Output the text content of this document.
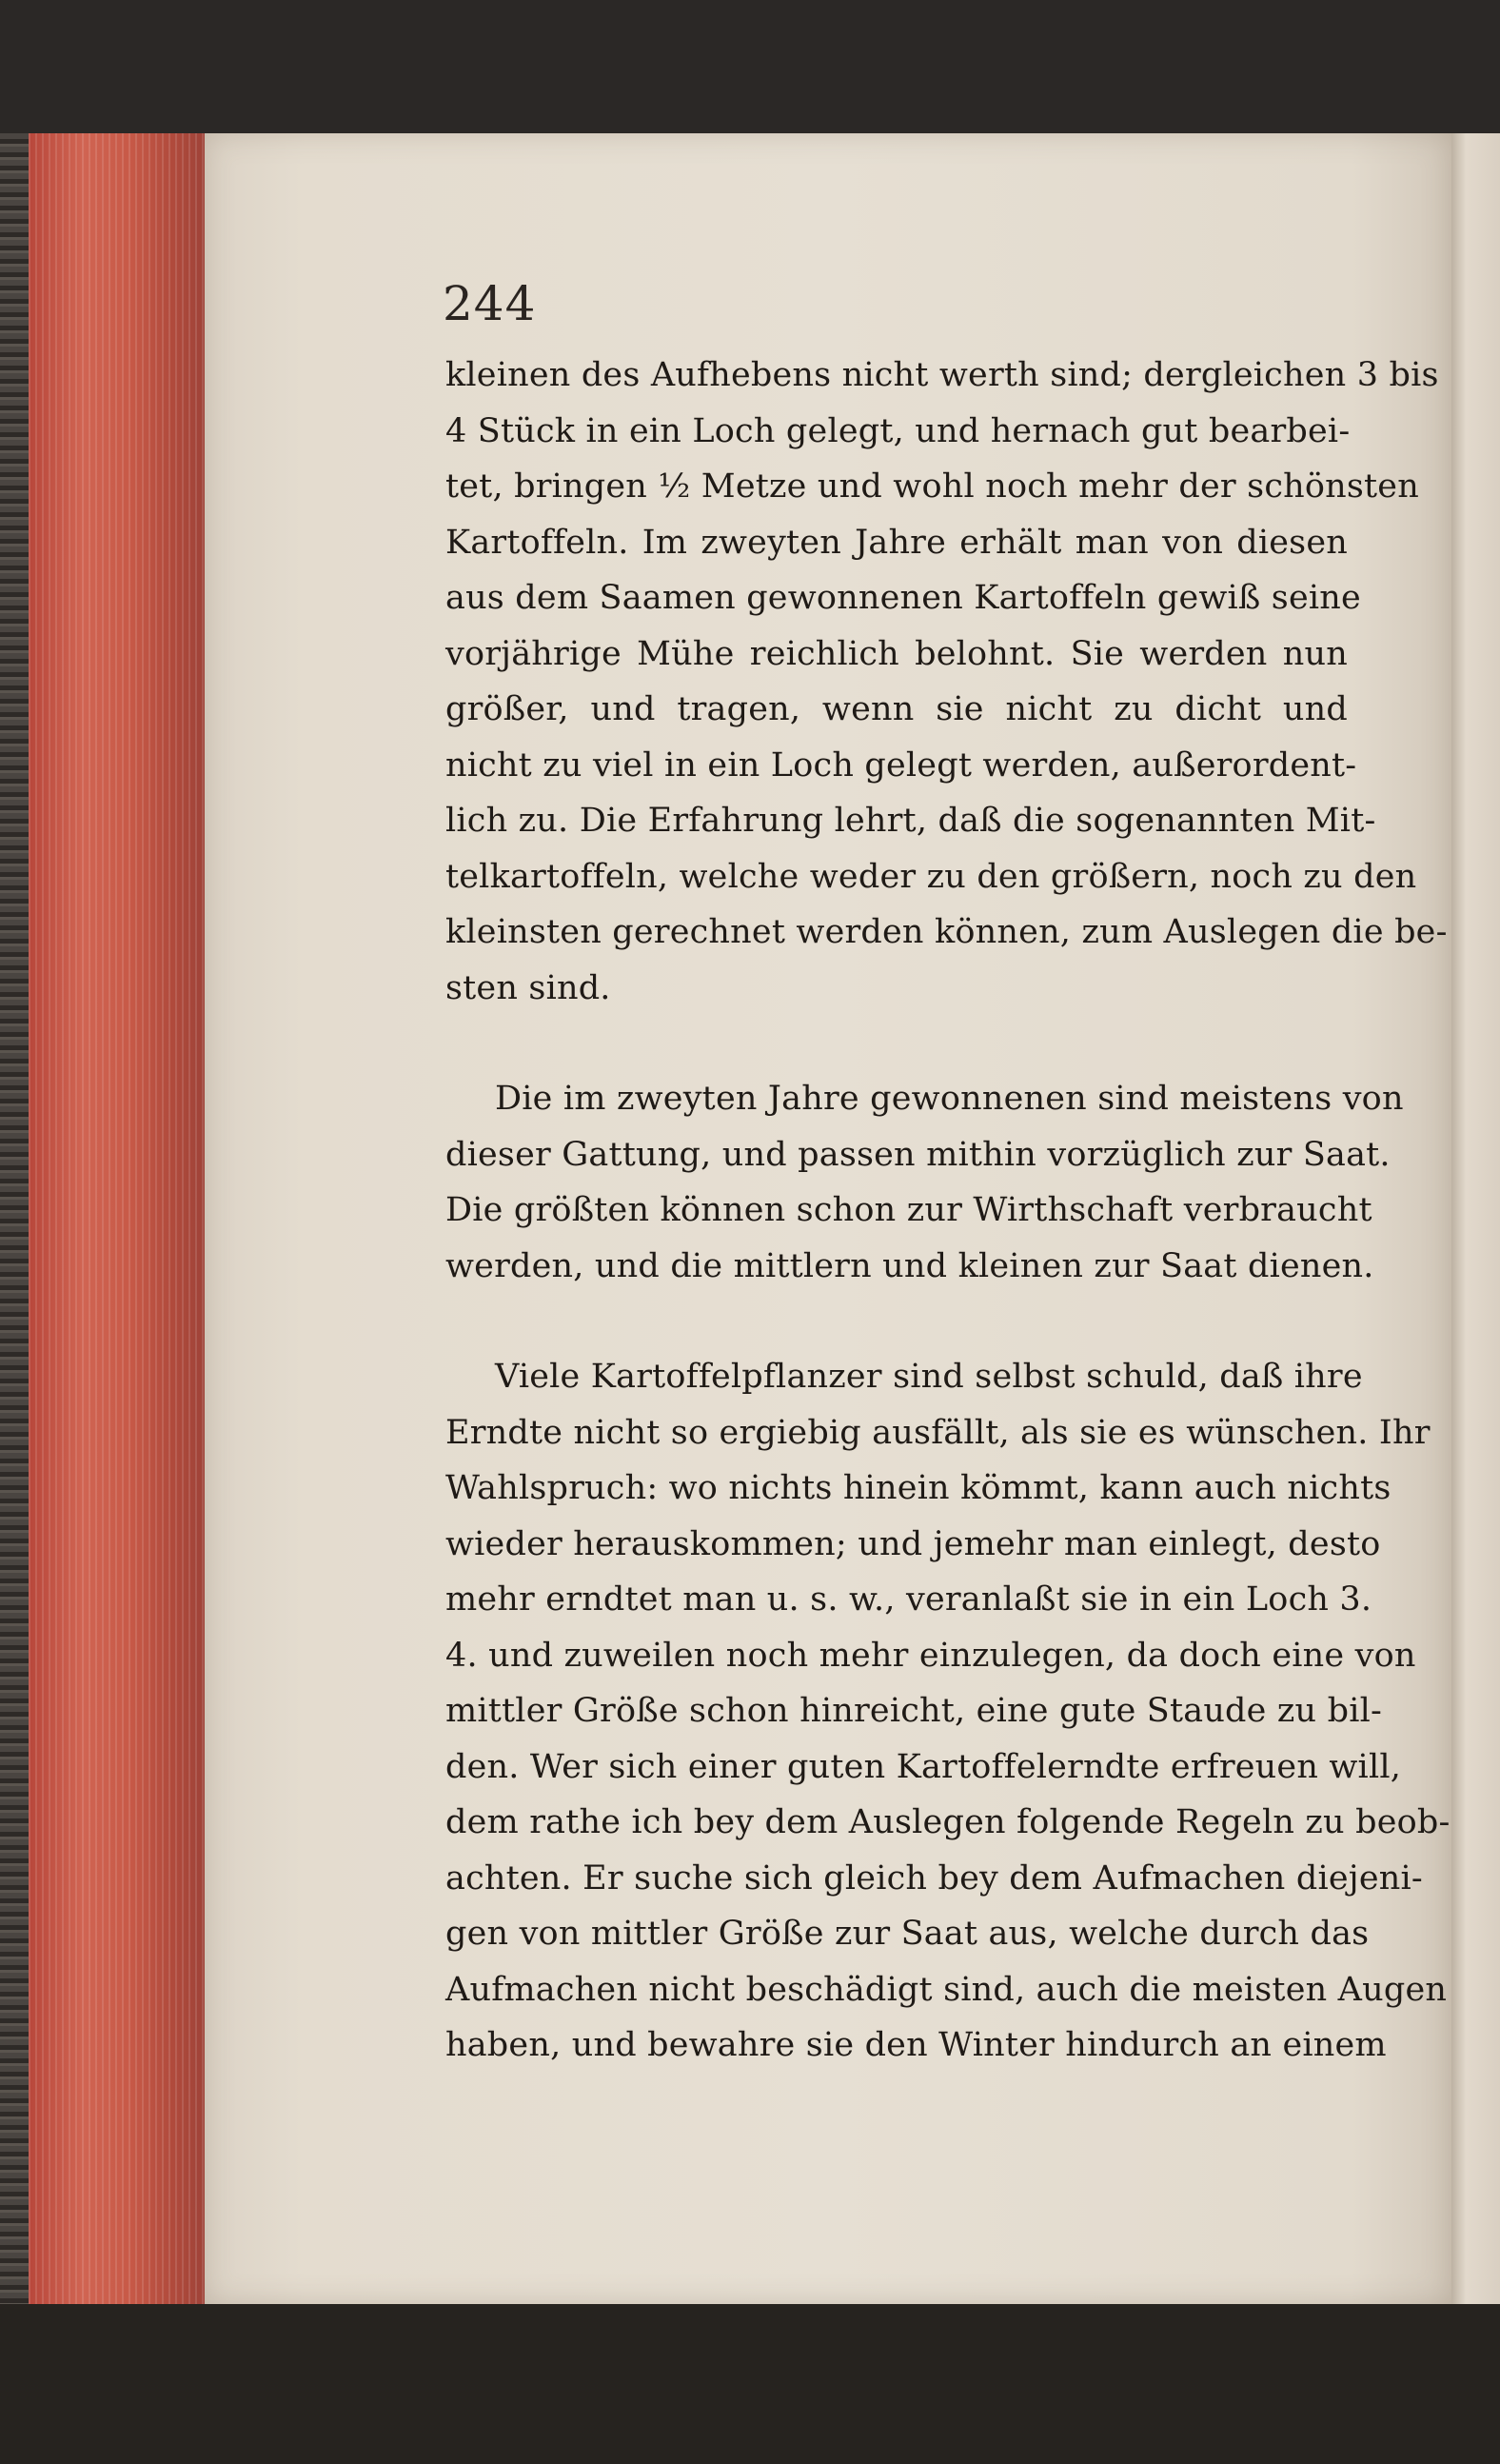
244
kleinen des Aufhebens nicht werth sind; dergleichen 3 bis
4 Stück in ein Loch gelegt, und hernach gut bearbei-
tet, bringen ½ Metze und wohl noch mehr der schönsten
Kartoffeln. Im zweyten Jahre erhält man von diesen
aus dem Saamen gewonnenen Kartoffeln gewiß seine
vorjährige Mühe reichlich belohnt. Sie werden nun
größer, und tragen, wenn sie nicht zu dicht und
nicht zu viel in ein Loch gelegt werden, außerordent-
lich zu. Die Erfahrung lehrt, daß die sogenannten Mit-
telkartoffeln, welche weder zu den größern, noch zu den
kleinsten gerechnet werden können, zum Auslegen die be-
sten sind.
Die im zweyten Jahre gewonnenen sind meistens von
dieser Gattung, und passen mithin vorzüglich zur Saat.
Die größten können schon zur Wirthschaft verbraucht
werden, und die mittlern und kleinen zur Saat dienen.
Viele Kartoffelpflanzer sind selbst schuld, daß ihre
Erndte nicht so ergiebig ausfällt, als sie es wünschen. Ihr
Wahlspruch: wo nichts hinein kömmt, kann auch nichts
wieder herauskommen; und jemehr man einlegt, desto
mehr erndtet man u. s. w., veranlaßt sie in ein Loch 3.
4. und zuweilen noch mehr einzulegen, da doch eine von
mittler Größe schon hinreicht, eine gute Staude zu bil-
den. Wer sich einer guten Kartoffelerndte erfreuen will,
dem rathe ich bey dem Auslegen folgende Regeln zu beob-
achten. Er suche sich gleich bey dem Aufmachen diejeni-
gen von mittler Größe zur Saat aus, welche durch das
Aufmachen nicht beschädigt sind, auch die meisten Augen
haben, und bewahre sie den Winter hindurch an einem
